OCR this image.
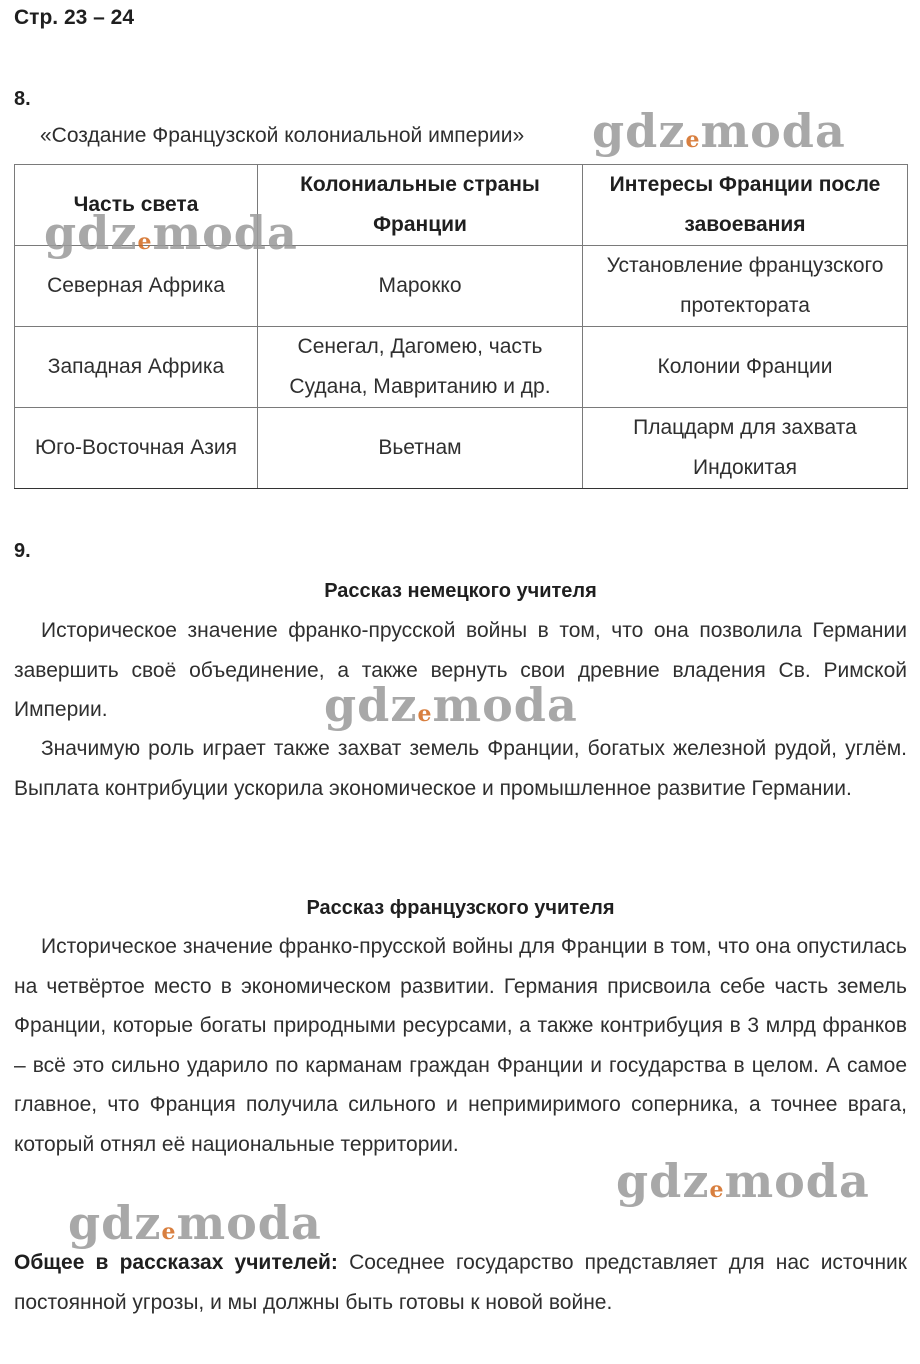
Стр. 23 – 24
8.
«Создание Французской колониальной империи»
Часть света	Колониальные страны Франции	Интересы Франции после завоевания
Северная Африка	Марокко	Установление французского протектората
Западная Африка	Сенегал, Дагомею, часть Судана, Мавританию и др.	Колонии Франции
Юго-Восточная Азия	Вьетнам	Плацдарм для захвата Индокитая
9.
Рассказ немецкого учителя

Историческое значение франко-прусской войны в том, что она позволила Германии завершить своё объединение, а также вернуть свои древние владения Св. Римской Империи.

Значимую роль играет также захват земель Франции, богатых железной рудой, углём. Выплата контрибуции ускорила экономическое и промышленное развитие Германии.

Рассказ французского учителя

Историческое значение франко-прусской войны для Франции в том, что она опустилась на четвёртое место в экономическом развитии. Германия присвоила себе часть земель Франции, которые богаты природными ресурсами, а также контрибуция в 3 млрд франков – всё это сильно ударило по карманам граждан Франции и государства в целом. А самое главное, что Франция получила сильного и непримиримого соперника, а точнее врага, который отнял её национальные территории.

Общее в рассказах учителей: Соседнее государство представляет для нас источник постоянной угрозы, и мы должны быть готовы к новой войне.

gdzemoda
gdzemoda
gdzemoda
gdzemoda
gdzemoda
